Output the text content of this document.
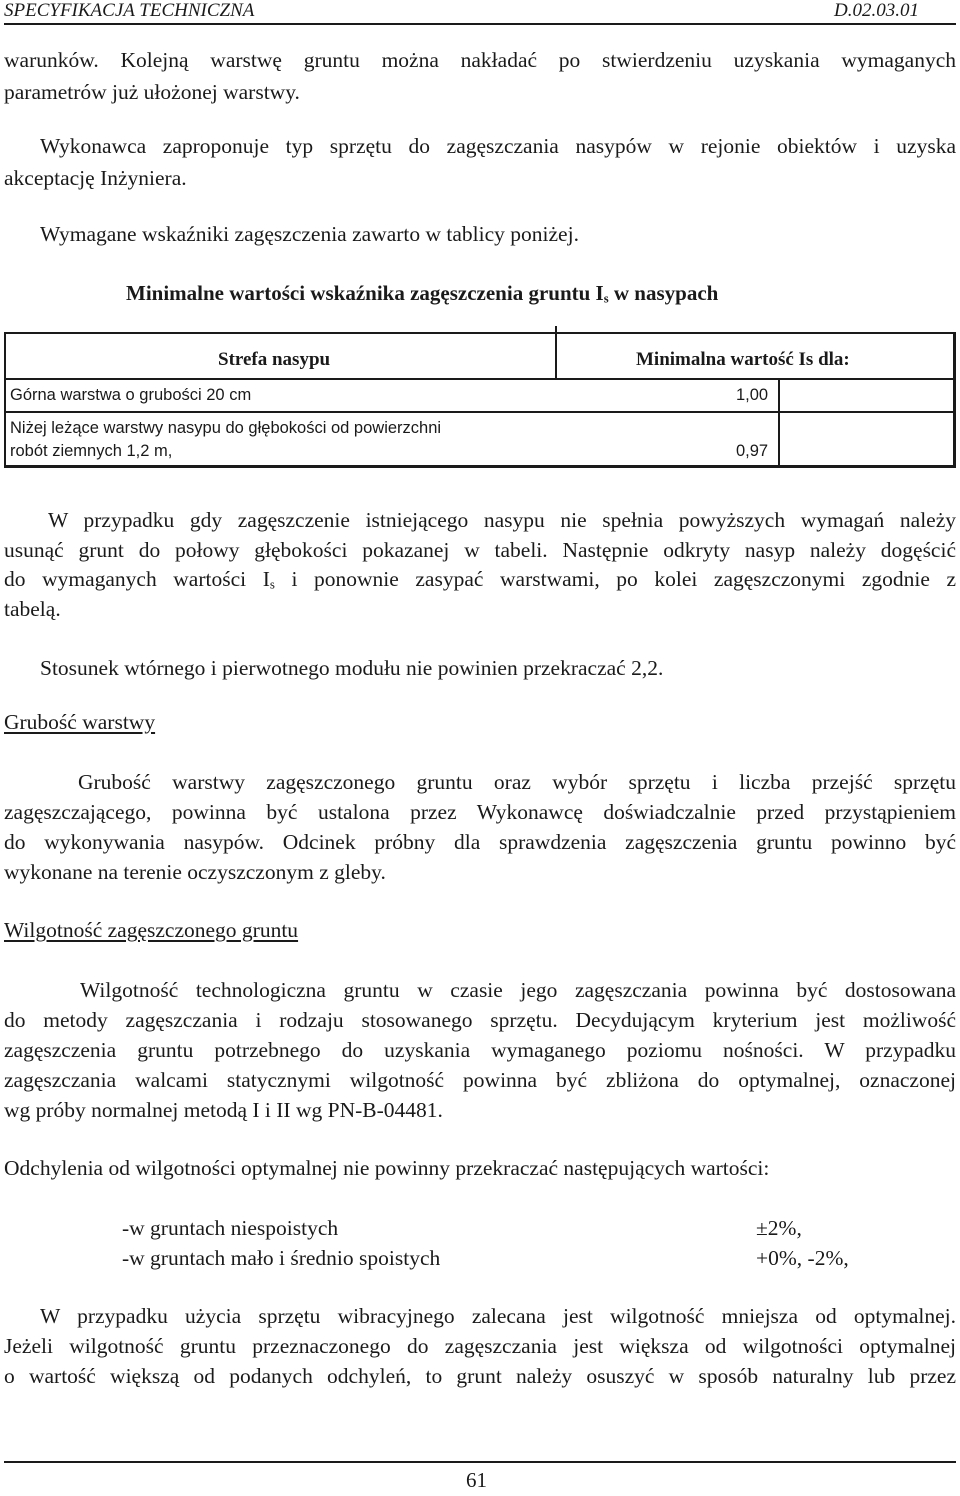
SPECYFIKACJA TECHNICZNA	D.02.03.01
warunków. Kolejną warstwę gruntu można nakładać po stwierdzeniu uzyskania wymaganych
parametrów już ułożonej warstwy.
Wykonawca zaproponuje typ sprzętu do zagęszczania nasypów w rejonie obiektów i uzyska
akceptację Inżyniera.
Wymagane wskaźniki zagęszczenia zawarto w tablicy poniżej.
Minimalne wartości wskaźnika zagęszczenia gruntu $I_s$ w nasypach
Strefa nasypu	Minimalna wartość Is dla:
Górna warstwa o grubości 20 cm	1,00
Niżej leżące warstwy nasypu do głębokości od powierzchni
robót ziemnych 1,2 m,	0,97
W przypadku gdy zagęszczenie istniejącego nasypu nie spełnia powyższych wymagań należy
usunąć grunt do połowy głębokości pokazanej w tabeli. Następnie odkryty nasyp należy dogęścić
do wymaganych wartości $I_s$ i ponownie zasypać warstwami, po kolei zagęszczonymi zgodnie z
tabelą.
Stosunek wtórnego i pierwotnego modułu nie powinien przekraczać 2,2.
Grubość warstwy
Grubość warstwy zagęszczonego gruntu oraz wybór sprzętu i liczba przejść sprzętu
zagęszczającego, powinna być ustalona przez Wykonawcę doświadczalnie przed przystąpieniem
do wykonywania nasypów. Odcinek próbny dla sprawdzenia zagęszczenia gruntu powinno być
wykonane na terenie oczyszczonym z gleby.
Wilgotność zagęszczonego gruntu
Wilgotność technologiczna gruntu w czasie jego zagęszczania powinna być dostosowana
do metody zagęszczania i rodzaju stosowanego sprzętu. Decydującym kryterium jest możliwość
zagęszczenia gruntu potrzebnego do uzyskania wymaganego poziomu nośności. W przypadku
zagęszczania walcami statycznymi wilgotność powinna być zbliżona do optymalnej, oznaczonej
wg próby normalnej metodą I i II wg PN-B-04481.
Odchylenia od wilgotności optymalnej nie powinny przekraczać następujących wartości:
-w gruntach niespoistych	±2%,
-w gruntach mało i średnio spoistych	+0%, -2%,
W przypadku użycia sprzętu wibracyjnego zalecana jest wilgotność mniejsza od optymalnej.
Jeżeli wilgotność gruntu przeznaczonego do zagęszczania jest większa od wilgotności optymalnej
o wartość większą od podanych odchyleń, to grunt należy osuszyć w sposób naturalny lub przez
61
